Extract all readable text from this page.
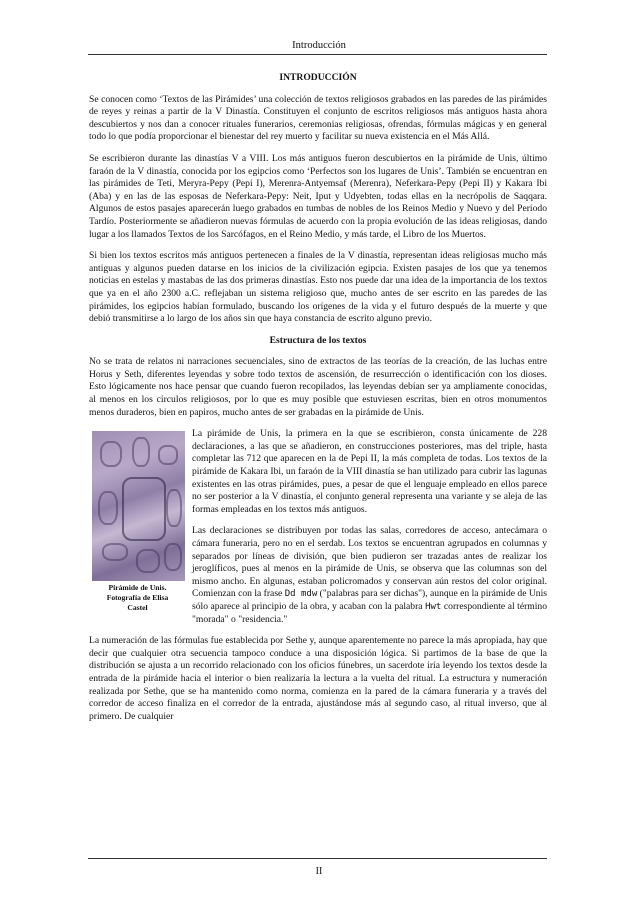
Introducción

INTRODUCCIÓN

Se conocen como ‘Textos de las Pirámides’ una colección de textos religiosos grabados en las paredes de las pirámides de reyes y reinas a partir de la V Dinastía. Constituyen el conjunto de escritos religiosos más antiguos hasta ahora descubiertos y nos dan a conocer rituales funerarios, ceremonias religiosas, ofrendas, fórmulas mágicas y en general todo lo que podía proporcionar el bienestar del rey muerto y facilitar su nueva existencia en el Más Allá.

Se escribieron durante las dinastías V a VIII. Los más antiguos fueron descubiertos en la pirámide de Unis, último faraón de la V dinastía, conocida por los egipcios como ‘Perfectos son los lugares de Unis’. También se encuentran en las pirámides de Teti, Meryra-Pepy (Pepi I), Merenra-Antyemsaf (Merenra), Neferkara-Pepy (Pepi II) y Kakara Ibi (Aba) y en las de las esposas de Neferkara-Pepy: Neit, Iput y Udyebten, todas ellas en la necrópolis de Saqqara. Algunos de estos pasajes aparecerán luego grabados en tumbas de nobles de los Reinos Medio y Nuevo y del Período Tardío. Posteriormente se añadieron nuevas fórmulas de acuerdo con la propia evolución de las ideas religiosas, dando lugar a los llamados Textos de los Sarcófagos, en el Reino Medio, y más tarde, el Libro de los Muertos.

Si bien los textos escritos más antiguos pertenecen a finales de la V dinastía, representan ideas religiosas mucho más antiguas y algunos pueden datarse en los inicios de la civilización egipcia. Existen pasajes de los que ya tenemos noticias en estelas y mastabas de las dos primeras dinastías. Esto nos puede dar una idea de la importancia de los textos que ya en el año 2300 a.C. reflejaban un sistema religioso que, mucho antes de ser escrito en las paredes de las pirámides, los egipcios habían formulado, buscando los orígenes de la vida y el futuro después de la muerte y que debió transmitirse a lo largo de los años sin que haya constancia de escrito alguno previo.

Estructura de los textos

No se trata de relatos ni narraciones secuenciales, sino de extractos de las teorías de la creación, de las luchas entre Horus y Seth, diferentes leyendas y sobre todo textos de ascensión, de resurrección o identificación con los dioses. Esto lógicamente nos hace pensar que cuando fueron recopilados, las leyendas debían ser ya ampliamente conocidas, al menos en los círculos religiosos, por lo que es muy posible que estuviesen escritas, bien en otros monumentos menos duraderos, bien en papiros, mucho antes de ser grabadas en la pirámide de Unis.

Pirámide de Unis.
Fotografía de Elisa
Castel

La pirámide de Unis, la primera en la que se escribieron, consta únicamente de 228 declaraciones, a las que se añadieron, en construcciones posteriores, mas del triple, hasta completar las 712 que aparecen en la de Pepi II, la más completa de todas. Los textos de la pirámide de Kakara Ibi, un faraón de la VIII dinastía se han utilizado para cubrir las lagunas existentes en las otras pirámides, pues, a pesar de que el lenguaje empleado en ellos parece no ser posterior a la V dinastía, el conjunto general representa una variante y se aleja de las formas empleadas en los textos más antiguos.

Las declaraciones se distribuyen por todas las salas, corredores de acceso, antecámara o cámara funeraria, pero no en el serdab. Los textos se encuentran agrupados en columnas y separados por líneas de división, que bien pudieron ser trazadas antes de realizar los jeroglíficos, pues al menos en la pirámide de Unis, se observa que las columnas son del mismo ancho. En algunas, estaban policromados y conservan aún restos del color original. Comienzan con la frase Dd mdw ("palabras para ser dichas"), aunque en la pirámide de Unis sólo aparece al principio de la obra, y acaban con la palabra Hwt correspondiente al término "morada" o "residencia."

La numeración de las fórmulas fue establecida por Sethe y, aunque aparentemente no parece la más apropiada, hay que decir que cualquier otra secuencia tampoco conduce a una disposición lógica. Si partimos de la base de que la distribución se ajusta a un recorrido relacionado con los oficios fúnebres, un sacerdote iría leyendo los textos desde la entrada de la pirámide hacia el interior o bien realizaría la lectura a la vuelta del ritual. La estructura y numeración realizada por Sethe, que se ha mantenido como norma, comienza en la pared de la cámara funeraria y a través del corredor de acceso finaliza en el corredor de la entrada, ajustándose más al segundo caso, al ritual inverso, que al primero. De cualquier

II
